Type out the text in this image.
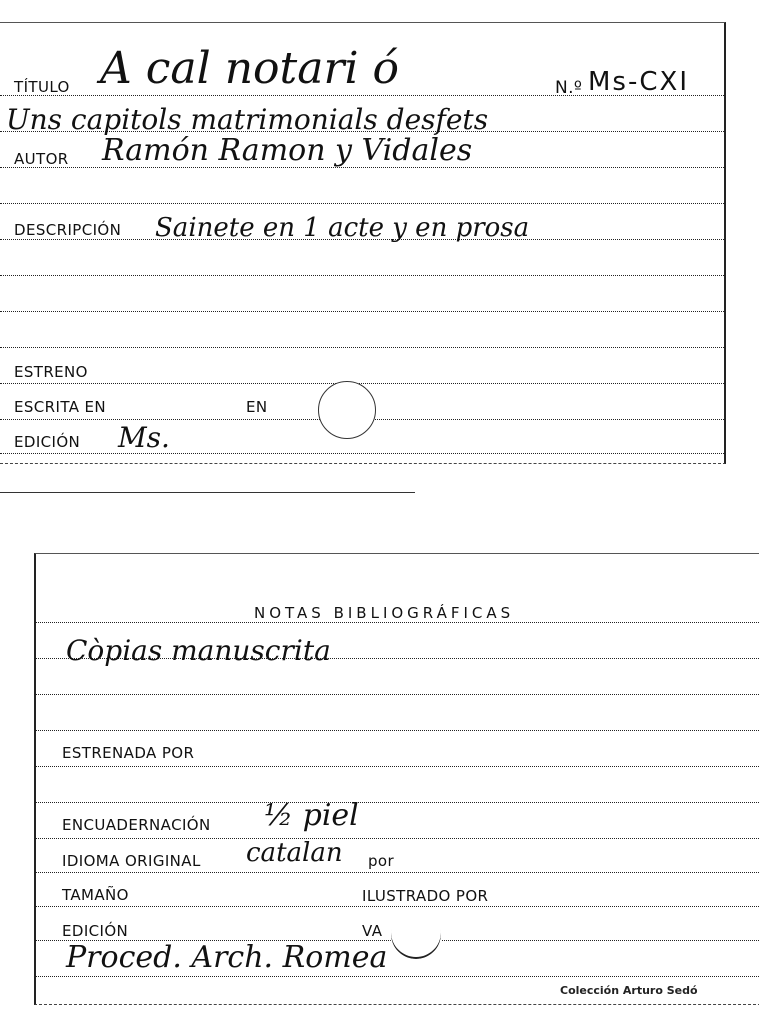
TÍTULO A cal notari ó	N.º Ms-CXI
Uns capitols matrimonials desfets
AUTOR Ramón Ramon y Vidales
DESCRIPCIÓN Sainete en 1 acte y en prosa
ESTRENO
ESCRITA EN	EN
EDICIÓN Ms.
NOTAS BIBLIOGRÁFICAS
Còpias manuscrita
ESTRENADA POR
ENCUADERNACIÓN ½ piel
IDIOMA ORIGINAL catalan por
TAMAÑO	ILUSTRADO POR
EDICIÓN	VA
Proced. Arch. Romea
Colección Arturo Sedó
